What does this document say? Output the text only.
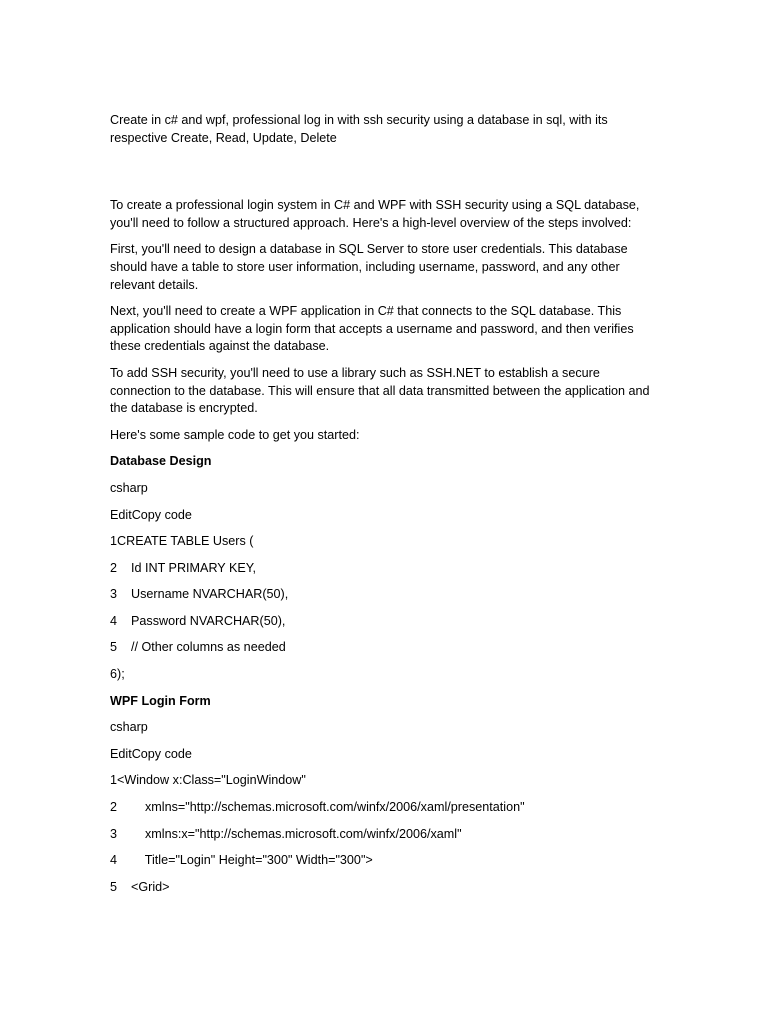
Create in c# and wpf, professional log in with ssh security using a database in sql, with its respective Create, Read, Update, Delete

To create a professional login system in C# and WPF with SSH security using a SQL database, you'll need to follow a structured approach. Here's a high-level overview of the steps involved:

First, you'll need to design a database in SQL Server to store user credentials. This database should have a table to store user information, including username, password, and any other relevant details.

Next, you'll need to create a WPF application in C# that connects to the SQL database. This application should have a login form that accepts a username and password, and then verifies these credentials against the database.

To add SSH security, you'll need to use a library such as SSH.NET to establish a secure connection to the database. This will ensure that all data transmitted between the application and the database is encrypted.

Here's some sample code to get you started:

Database Design

csharp

EditCopy code

1CREATE TABLE Users (

2    Id INT PRIMARY KEY,

3    Username NVARCHAR(50),

4    Password NVARCHAR(50),

5    // Other columns as needed

6);

WPF Login Form

csharp

EditCopy code

1<Window x:Class="LoginWindow"

2        xmlns="http://schemas.microsoft.com/winfx/2006/xaml/presentation"

3        xmlns:x="http://schemas.microsoft.com/winfx/2006/xaml"

4        Title="Login" Height="300" Width="300">

5    <Grid>
